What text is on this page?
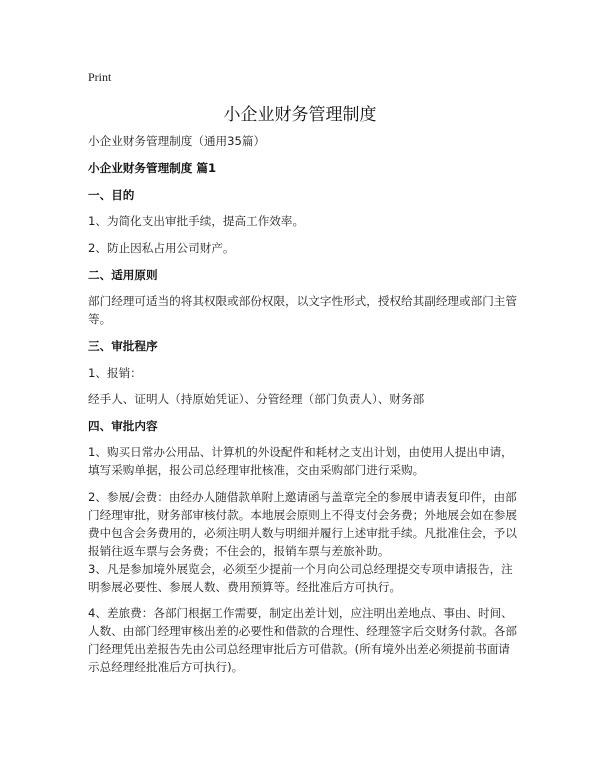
Print
小企业财务管理制度

小企业财务管理制度（通用35篇）

小企业财务管理制度 篇1

一、目的

1、为简化支出审批手续，提高工作效率。

2、防止因私占用公司财产。

二、适用原则

部门经理可适当的将其权限或部份权限，以文字性形式，授权给其副经理或部门主管等。

三、审批程序

1、报销：

经手人、证明人（持原始凭证）、分管经理（部门负责人）、财务部

四、审批内容

1、购买日常办公用品、计算机的外设配件和耗材之支出计划，由使用人提出申请，填写采购单据，报公司总经理审批核准，交由采购部门进行采购。

2、参展/会费：由经办人随借款单附上邀请函与盖章完全的参展申请表复印件，由部门经理审批，财务部审核付款。本地展会原则上不得支付会务费；外地展会如在参展费中包含会务费用的，必须注明人数与明细并履行上述审批手续。凡批准住会，予以报销往返车票与会务费；不住会的，报销车票与差旅补助。

3、凡是参加境外展览会，必须至少提前一个月向公司总经理提交专项申请报告，注明参展必要性、参展人数、费用预算等。经批准后方可执行。

4、差旅费：各部门根据工作需要，制定出差计划，应注明出差地点、事由、时间、人数、由部门经理审核出差的必要性和借款的合理性、经理签字后交财务付款。各部门经理凭出差报告先由公司总经理审批后方可借款。(所有境外出差必须提前书面请示总经理经批准后方可执行)。
